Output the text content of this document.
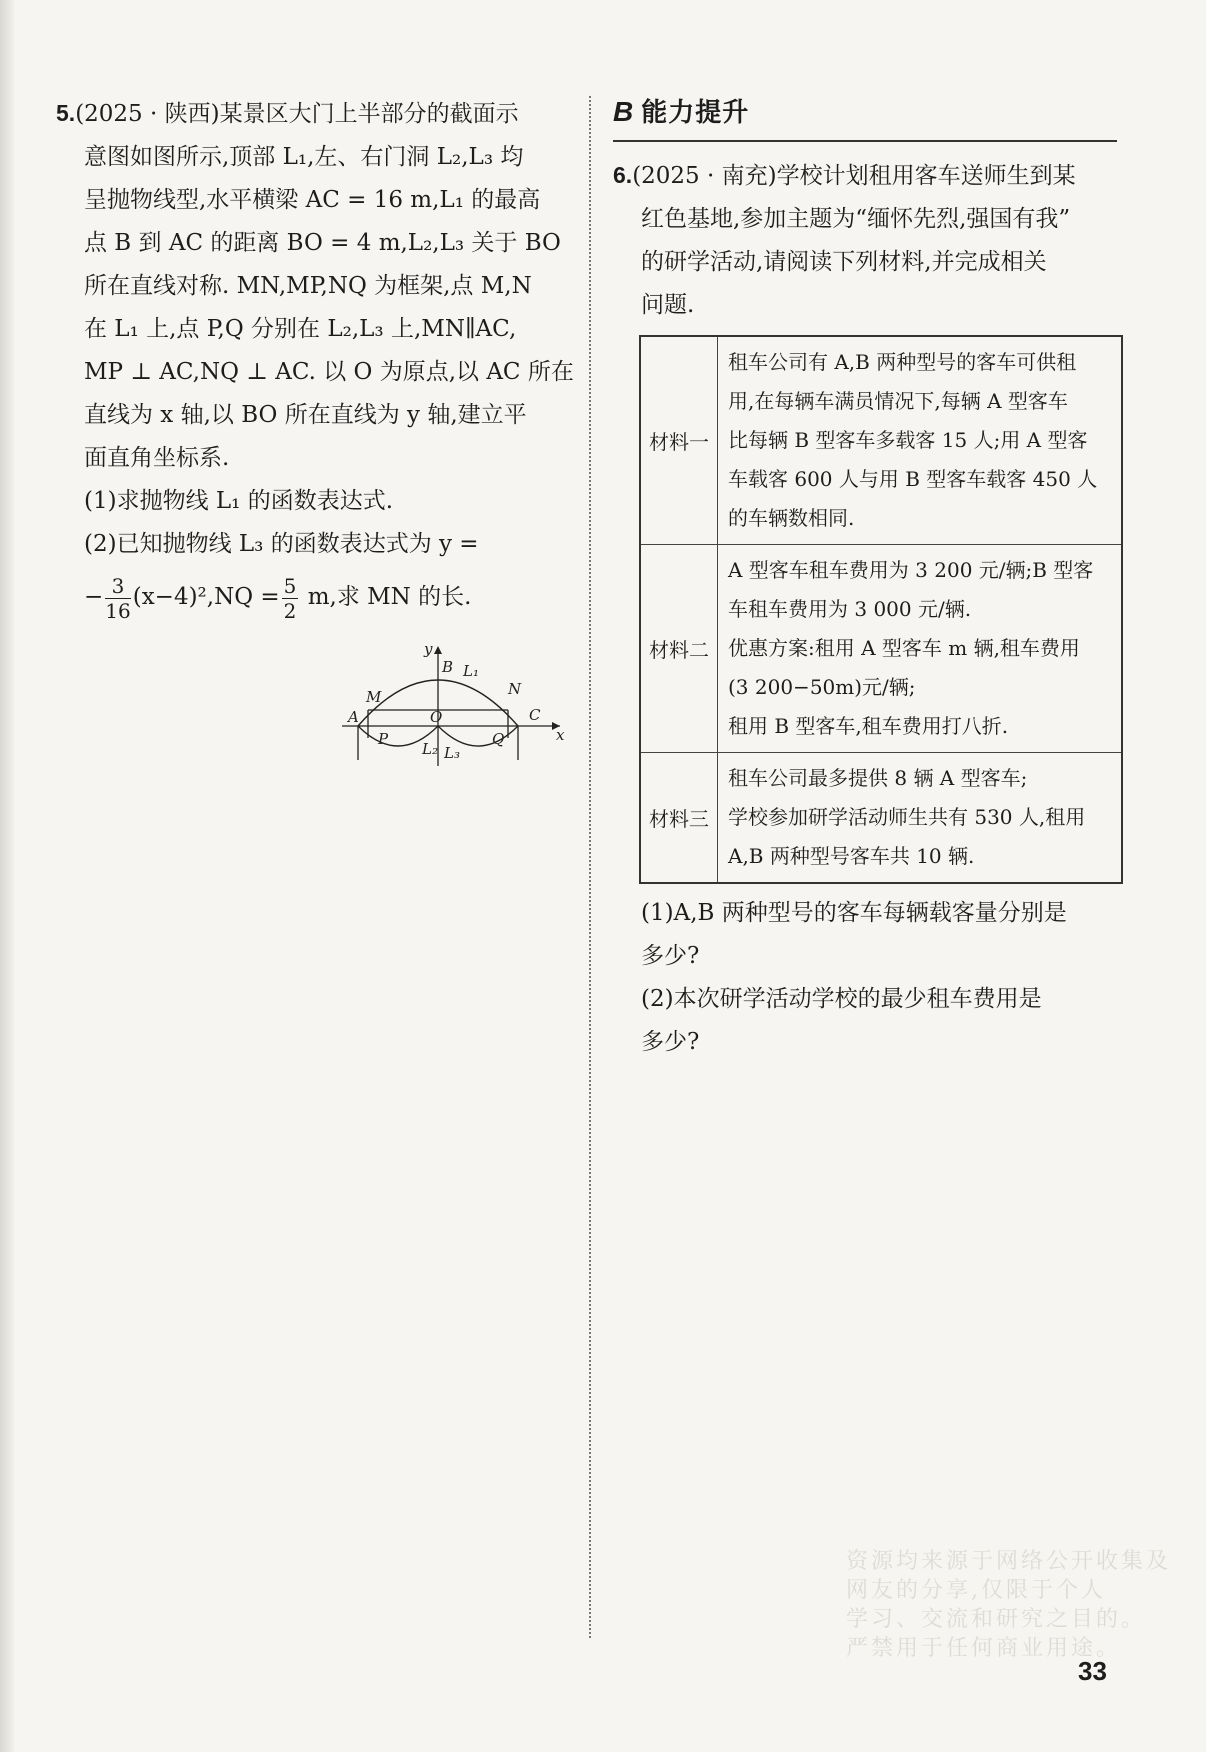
5.(2025 · 陕西)某景区大门上半部分的截面示
意图如图所示,顶部 L₁,左、右门洞 L₂,L₃ 均
呈抛物线型,水平横梁 AC = 16 m,L₁ 的最高
点 B 到 AC 的距离 BO = 4 m,L₂,L₃ 关于 BO
所在直线对称. MN,MP,NQ 为框架,点 M,N
在 L₁ 上,点 P,Q 分别在 L₂,L₃ 上,MN∥AC,
MP ⊥ AC,NQ ⊥ AC. 以 O 为原点,以 AC 所在
直线为 x 轴,以 BO 所在直线为 y 轴,建立平
面直角坐标系.
(1)求抛物线 L₁ 的函数表达式.
(2)已知抛物线 L₃ 的函数表达式为 y =
− $\frac{3}{16} (x-4)^2,NQ = \frac{5}{2} m$,求 MN 的长.
y
B L₁
N
M
A	O	C
x
P	Q
L₂ L₃
B 能力提升
6.(2025 · 南充)学校计划租用客车送师生到某
红色基地,参加主题为“缅怀先烈,强国有我”
的研学活动,请阅读下列材料,并完成相关
问题.
材料一	租车公司有 A,B 两种型号的客车可供租
用,在每辆车满员情况下,每辆 A 型客车
比每辆 B 型客车多载客 15 人;用 A 型客
车载客 600 人与用 B 型客车载客 450 人
的车辆数相同.

材料二	A 型客车租车费用为 3 200 元/辆;B 型客
车租车费用为 3 000 元/辆.
优惠方案:租用 A 型客车 m 辆,租车费用
(3 200−50m)元/辆;
租用 B 型客车,租车费用打八折.

材料三	租车公司最多提供 8 辆 A 型客车;
学校参加研学活动师生共有 530 人,租用
A,B 两种型号客车共 10 辆.
(1)A,B 两种型号的客车每辆载客量分别是
多少?
(2)本次研学活动学校的最少租车费用是
多少?
资源均来源于网络公开收集及
网友的分享,仅限于个人
学习、交流和研究之目的。
严禁用于任何商业用途。
33
